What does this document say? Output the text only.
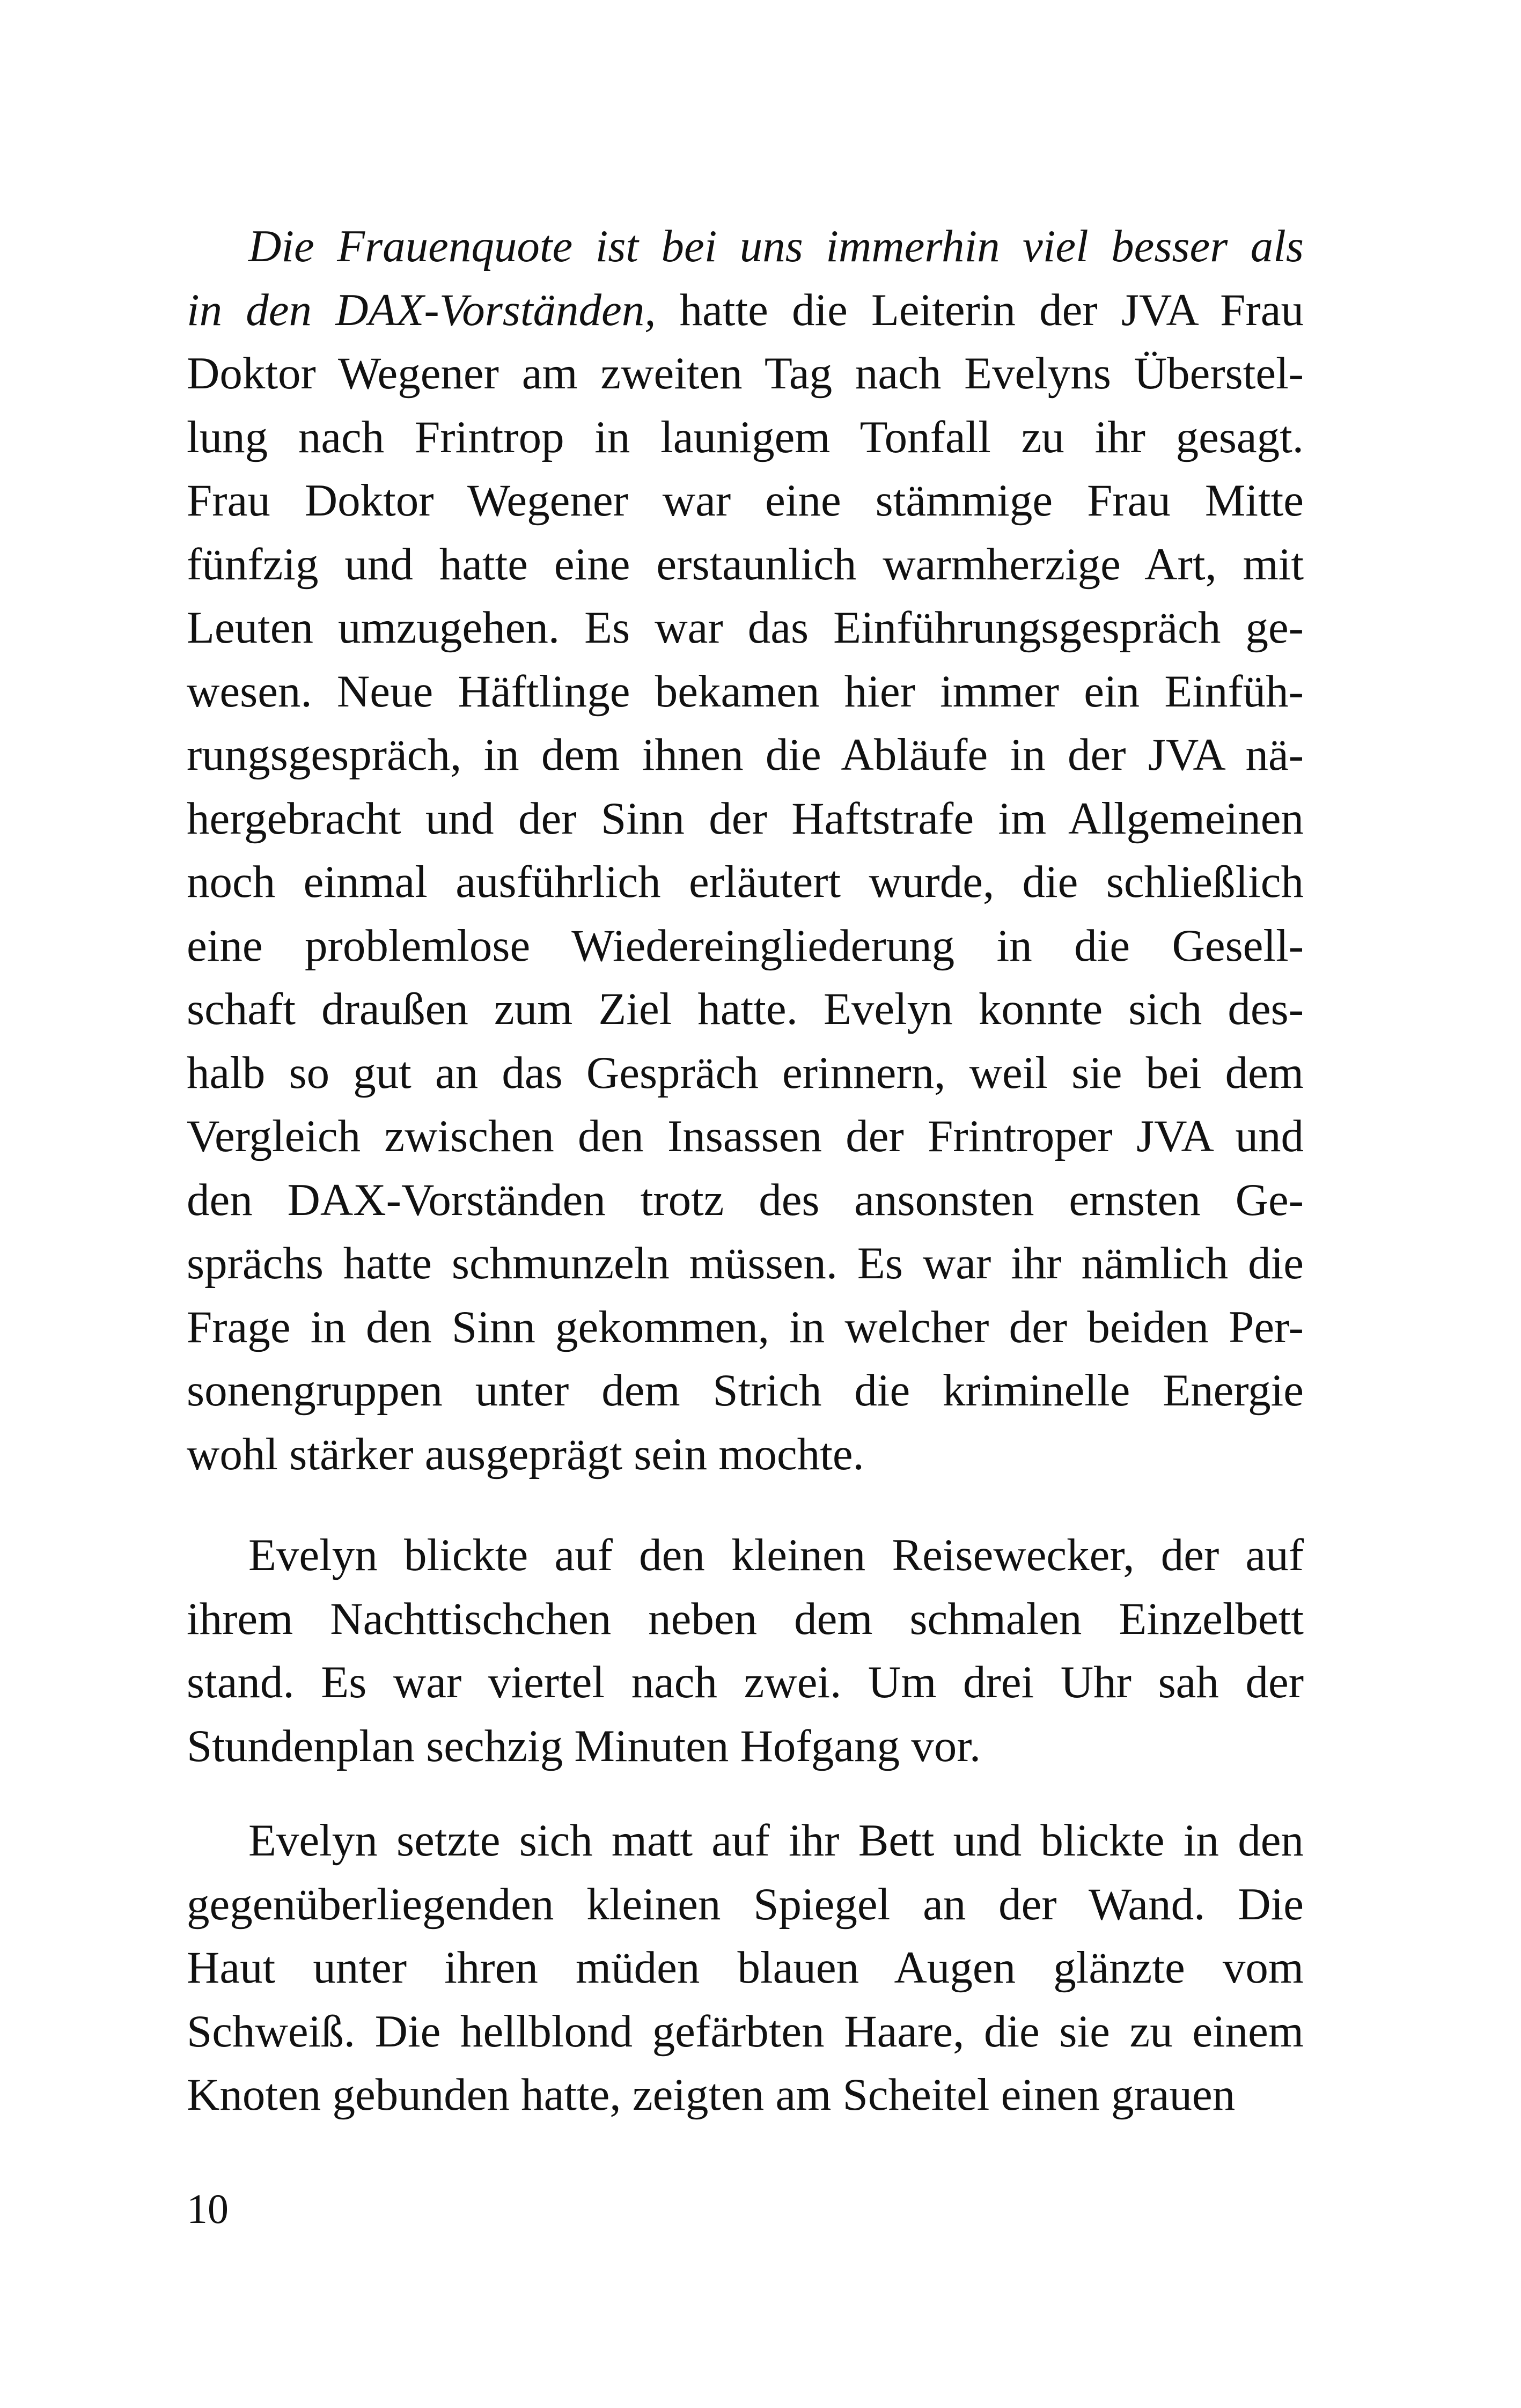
Die Frauenquote ist bei uns immerhin viel besser als
in den DAX-Vorständen, hatte die Leiterin der JVA Frau
Doktor Wegener am zweiten Tag nach Evelyns Überstel-
lung nach Frintrop in launigem Tonfall zu ihr gesagt.
Frau Doktor Wegener war eine stämmige Frau Mitte
fünfzig und hatte eine erstaunlich warmherzige Art, mit
Leuten umzugehen. Es war das Einführungsgespräch ge-
wesen. Neue Häftlinge bekamen hier immer ein Einfüh-
rungsgespräch, in dem ihnen die Abläufe in der JVA nä-
hergebracht und der Sinn der Haftstrafe im Allgemeinen
noch einmal ausführlich erläutert wurde, die schließlich
eine problemlose Wiedereingliederung in die Gesell-
schaft draußen zum Ziel hatte. Evelyn konnte sich des-
halb so gut an das Gespräch erinnern, weil sie bei dem
Vergleich zwischen den Insassen der Frintroper JVA und
den DAX-Vorständen trotz des ansonsten ernsten Ge-
sprächs hatte schmunzeln müssen. Es war ihr nämlich die
Frage in den Sinn gekommen, in welcher der beiden Per-
sonengruppen unter dem Strich die kriminelle Energie
wohl stärker ausgeprägt sein mochte.
Evelyn blickte auf den kleinen Reisewecker, der auf
ihrem Nachttischchen neben dem schmalen Einzelbett
stand. Es war viertel nach zwei. Um drei Uhr sah der
Stundenplan sechzig Minuten Hofgang vor.
Evelyn setzte sich matt auf ihr Bett und blickte in den
gegenüberliegenden kleinen Spiegel an der Wand. Die
Haut unter ihren müden blauen Augen glänzte vom
Schweiß. Die hellblond gefärbten Haare, die sie zu einem
Knoten gebunden hatte, zeigten am Scheitel einen grauen
10
